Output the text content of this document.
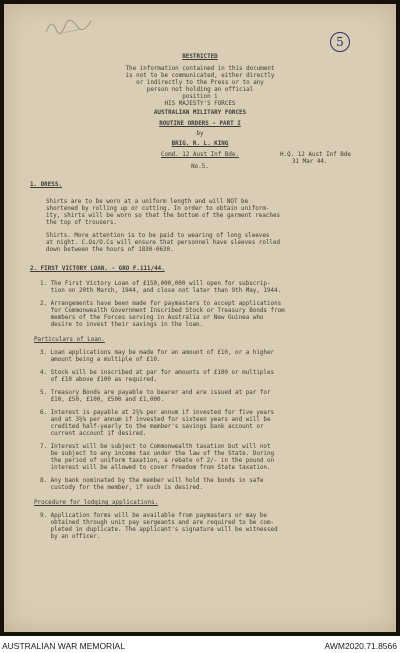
5
RESTRICTED
The information contained in this document
is not to be communicated, either directly
or indirectly to the Press or to any
person not holding an official
position i
HIS MAJESTY'S FORCES
AUSTRALIAN MILITARY FORCES
ROUTINE ORDERS - PART I
by
BRIG. R. L. KING
Comd. 12 Aust Inf Bde.	H.Q. 12 Aust Inf Bde
31 Mar 44.
No.5.
1. DRESS.
Shirts are to be worn at a uniform length and will NOT be
shortened by rolling up or cutting. In order to obtain uniform-
ity, shirts will be worn so that the bottom of the garment reaches
the top of trousers.
Shirts. More attention is to be paid to wearing of long sleeves
at night. C.Os/O.Cs will ensure that personnel have sleeves rolled
down between the hours of 1830-0630.
2. FIRST VICTORY LOAN. - GRO F.111/44.
1. The First Victory Loan of £150,000,000 will open for subscrip-
tion on 20th March, 1944, and close not later than 9th May, 1944.
2. Arrangements have been made for paymasters to accept applications
for Commonwealth Government Inscribed Stock or Treasury Bonds from
members of the Forces serving in Australia or New Guinea who
desire to invest their savings in the loan.
Particulars of Loan.
3. Loan applications may be made for an amount of £10, or a higher
amount being a multiple of £10.
4. Stock will be inscribed at par for amounts of £100 or multiples
of £10 above £100 as required.
5. Treasury Bonds are payable to bearer and are issued at par for
£10, £50, £100, £500 and £1,000.
6. Interest is payable at 2¾% per annum if invested for five years
and at 3¼% per annum if invested for sixteen years and will be
credited half-yearly to the member's savings bank account or
current account if desired.
7. Interest will be subject to Commonwealth taxation but will not
be subject to any income tax under the law of the State. During
the period of uniform taxation, a rebate of 2/- in the pound on
interest will be allowed to cover freedom from State taxation.
8. Any bank nominated by the member will hold the bonds in safe
custody for the member, if such is desired.
Procedure for lodging applications.
9. Application forms will be available from paymasters or may be
obtained through unit pay sergeants and are required to be com-
pleted in duplicate. The applicant's signature will be witnessed
by an officer.
AUSTRALIAN WAR MEMORIAL	AWM2020.71.8566
